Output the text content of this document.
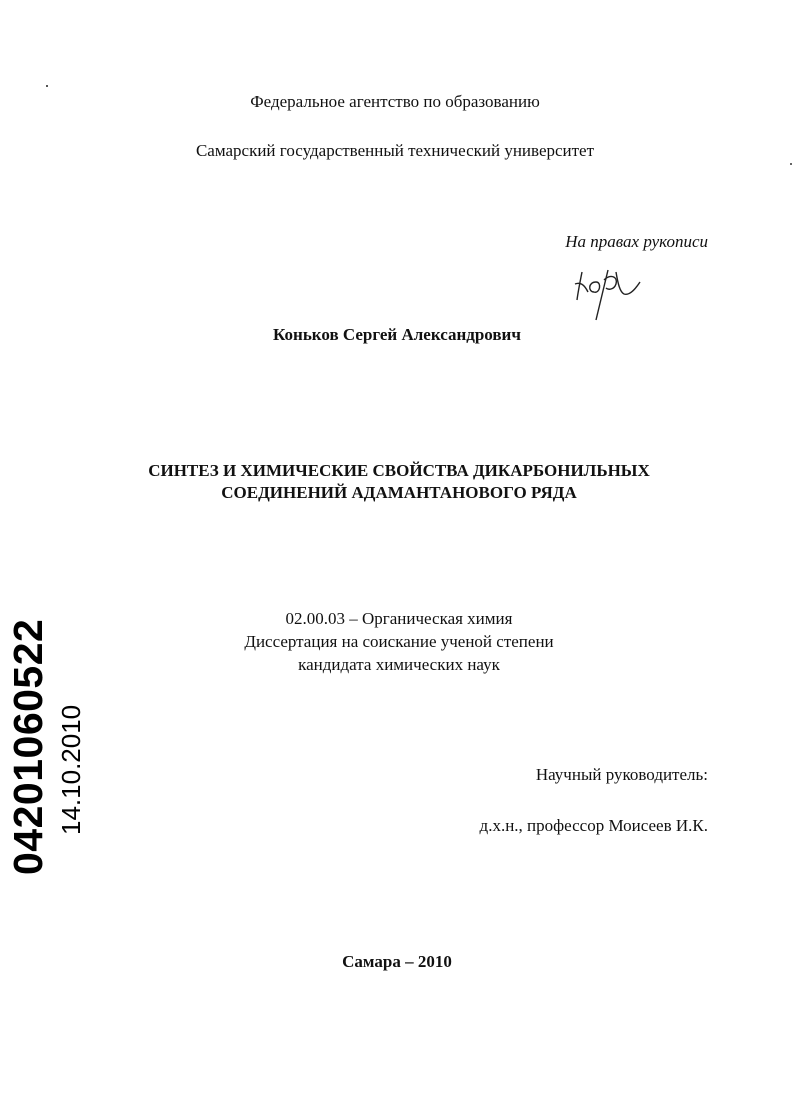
Федеральное агентство по образованию
Самарский государственный технический университет
На правах рукописи
Коньков Сергей Александрович
СИНТЕЗ И ХИМИЧЕСКИЕ СВОЙСТВА ДИКАРБОНИЛЬНЫХ
СОЕДИНЕНИЙ АДАМАНТАНОВОГО РЯДА
02.00.03 – Органическая химия
Диссертация на соискание ученой степени
кандидата химических наук
Научный руководитель:
д.х.н., профессор Моисеев И.К.
Самара – 2010
04201060522 14.10.2010
